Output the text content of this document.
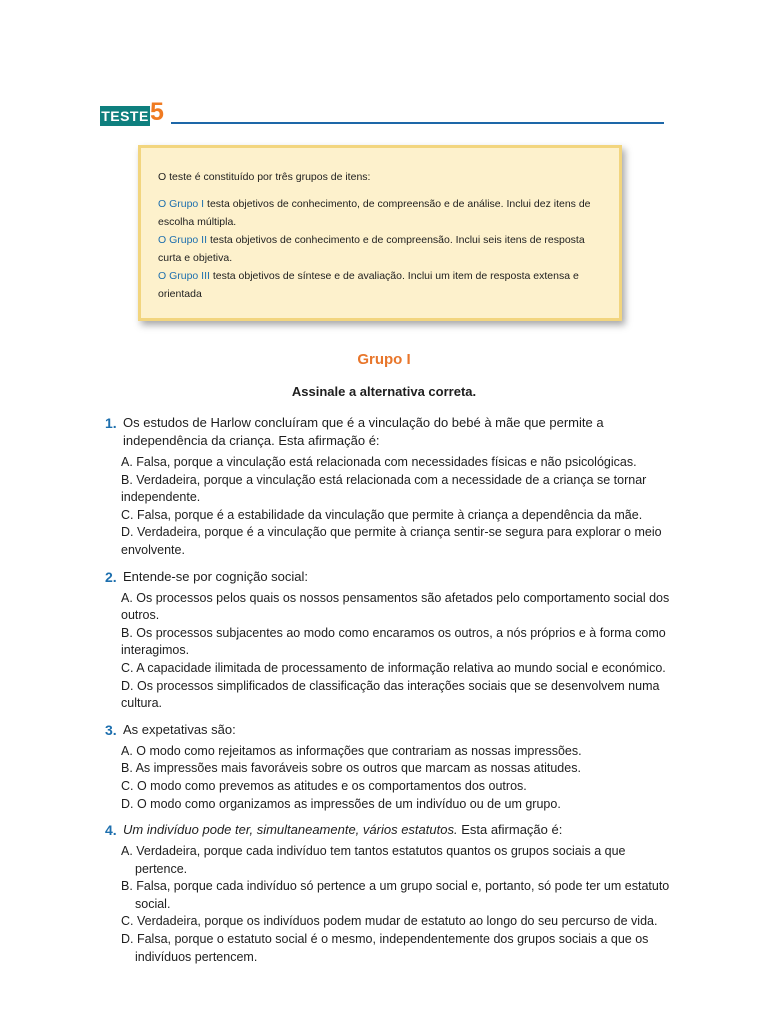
TESTE 5

O teste é constituído por três grupos de itens:

O Grupo I testa objetivos de conhecimento, de compreensão e de análise. Inclui dez itens de escolha múltipla.

O Grupo II testa objetivos de conhecimento e de compreensão. Inclui seis itens de resposta curta e objetiva.

O Grupo III testa objetivos de síntese e de avaliação. Inclui um item de resposta extensa e orientada

Grupo I
Assinale a alternativa correta.
1. Os estudos de Harlow concluíram que é a vinculação do bebé à mãe que permite a independência da criança. Esta afirmação é:
A. Falsa, porque a vinculação está relacionada com necessidades físicas e não psicológicas.
B. Verdadeira, porque a vinculação está relacionada com a necessidade de a criança se tornar independente.
C. Falsa, porque é a estabilidade da vinculação que permite à criança a dependência da mãe.
D. Verdadeira, porque é a vinculação que permite à criança sentir-se segura para explorar o meio envolvente.
2. Entende-se por cognição social:
A. Os processos pelos quais os nossos pensamentos são afetados pelo comportamento social dos outros.
B. Os processos subjacentes ao modo como encaramos os outros, a nós próprios e à forma como interagimos.
C. A capacidade ilimitada de processamento de informação relativa ao mundo social e económico.
D. Os processos simplificados de classificação das interações sociais que se desenvolvem numa cultura.
3. As expetativas são:
A. O modo como rejeitamos as informações que contrariam as nossas impressões.
B. As impressões mais favoráveis sobre os outros que marcam as nossas atitudes.
C. O modo como prevemos as atitudes e os comportamentos dos outros.
D. O modo como organizamos as impressões de um indivíduo ou de um grupo.
4. Um indivíduo pode ter, simultaneamente, vários estatutos. Esta afirmação é:
A. Verdadeira, porque cada indivíduo tem tantos estatutos quantos os grupos sociais a que pertence.
B. Falsa, porque cada indivíduo só pertence a um grupo social e, portanto, só pode ter um estatuto social.
C. Verdadeira, porque os indivíduos podem mudar de estatuto ao longo do seu percurso de vida.
D. Falsa, porque o estatuto social é o mesmo, independentemente dos grupos sociais a que os indivíduos pertencem.
